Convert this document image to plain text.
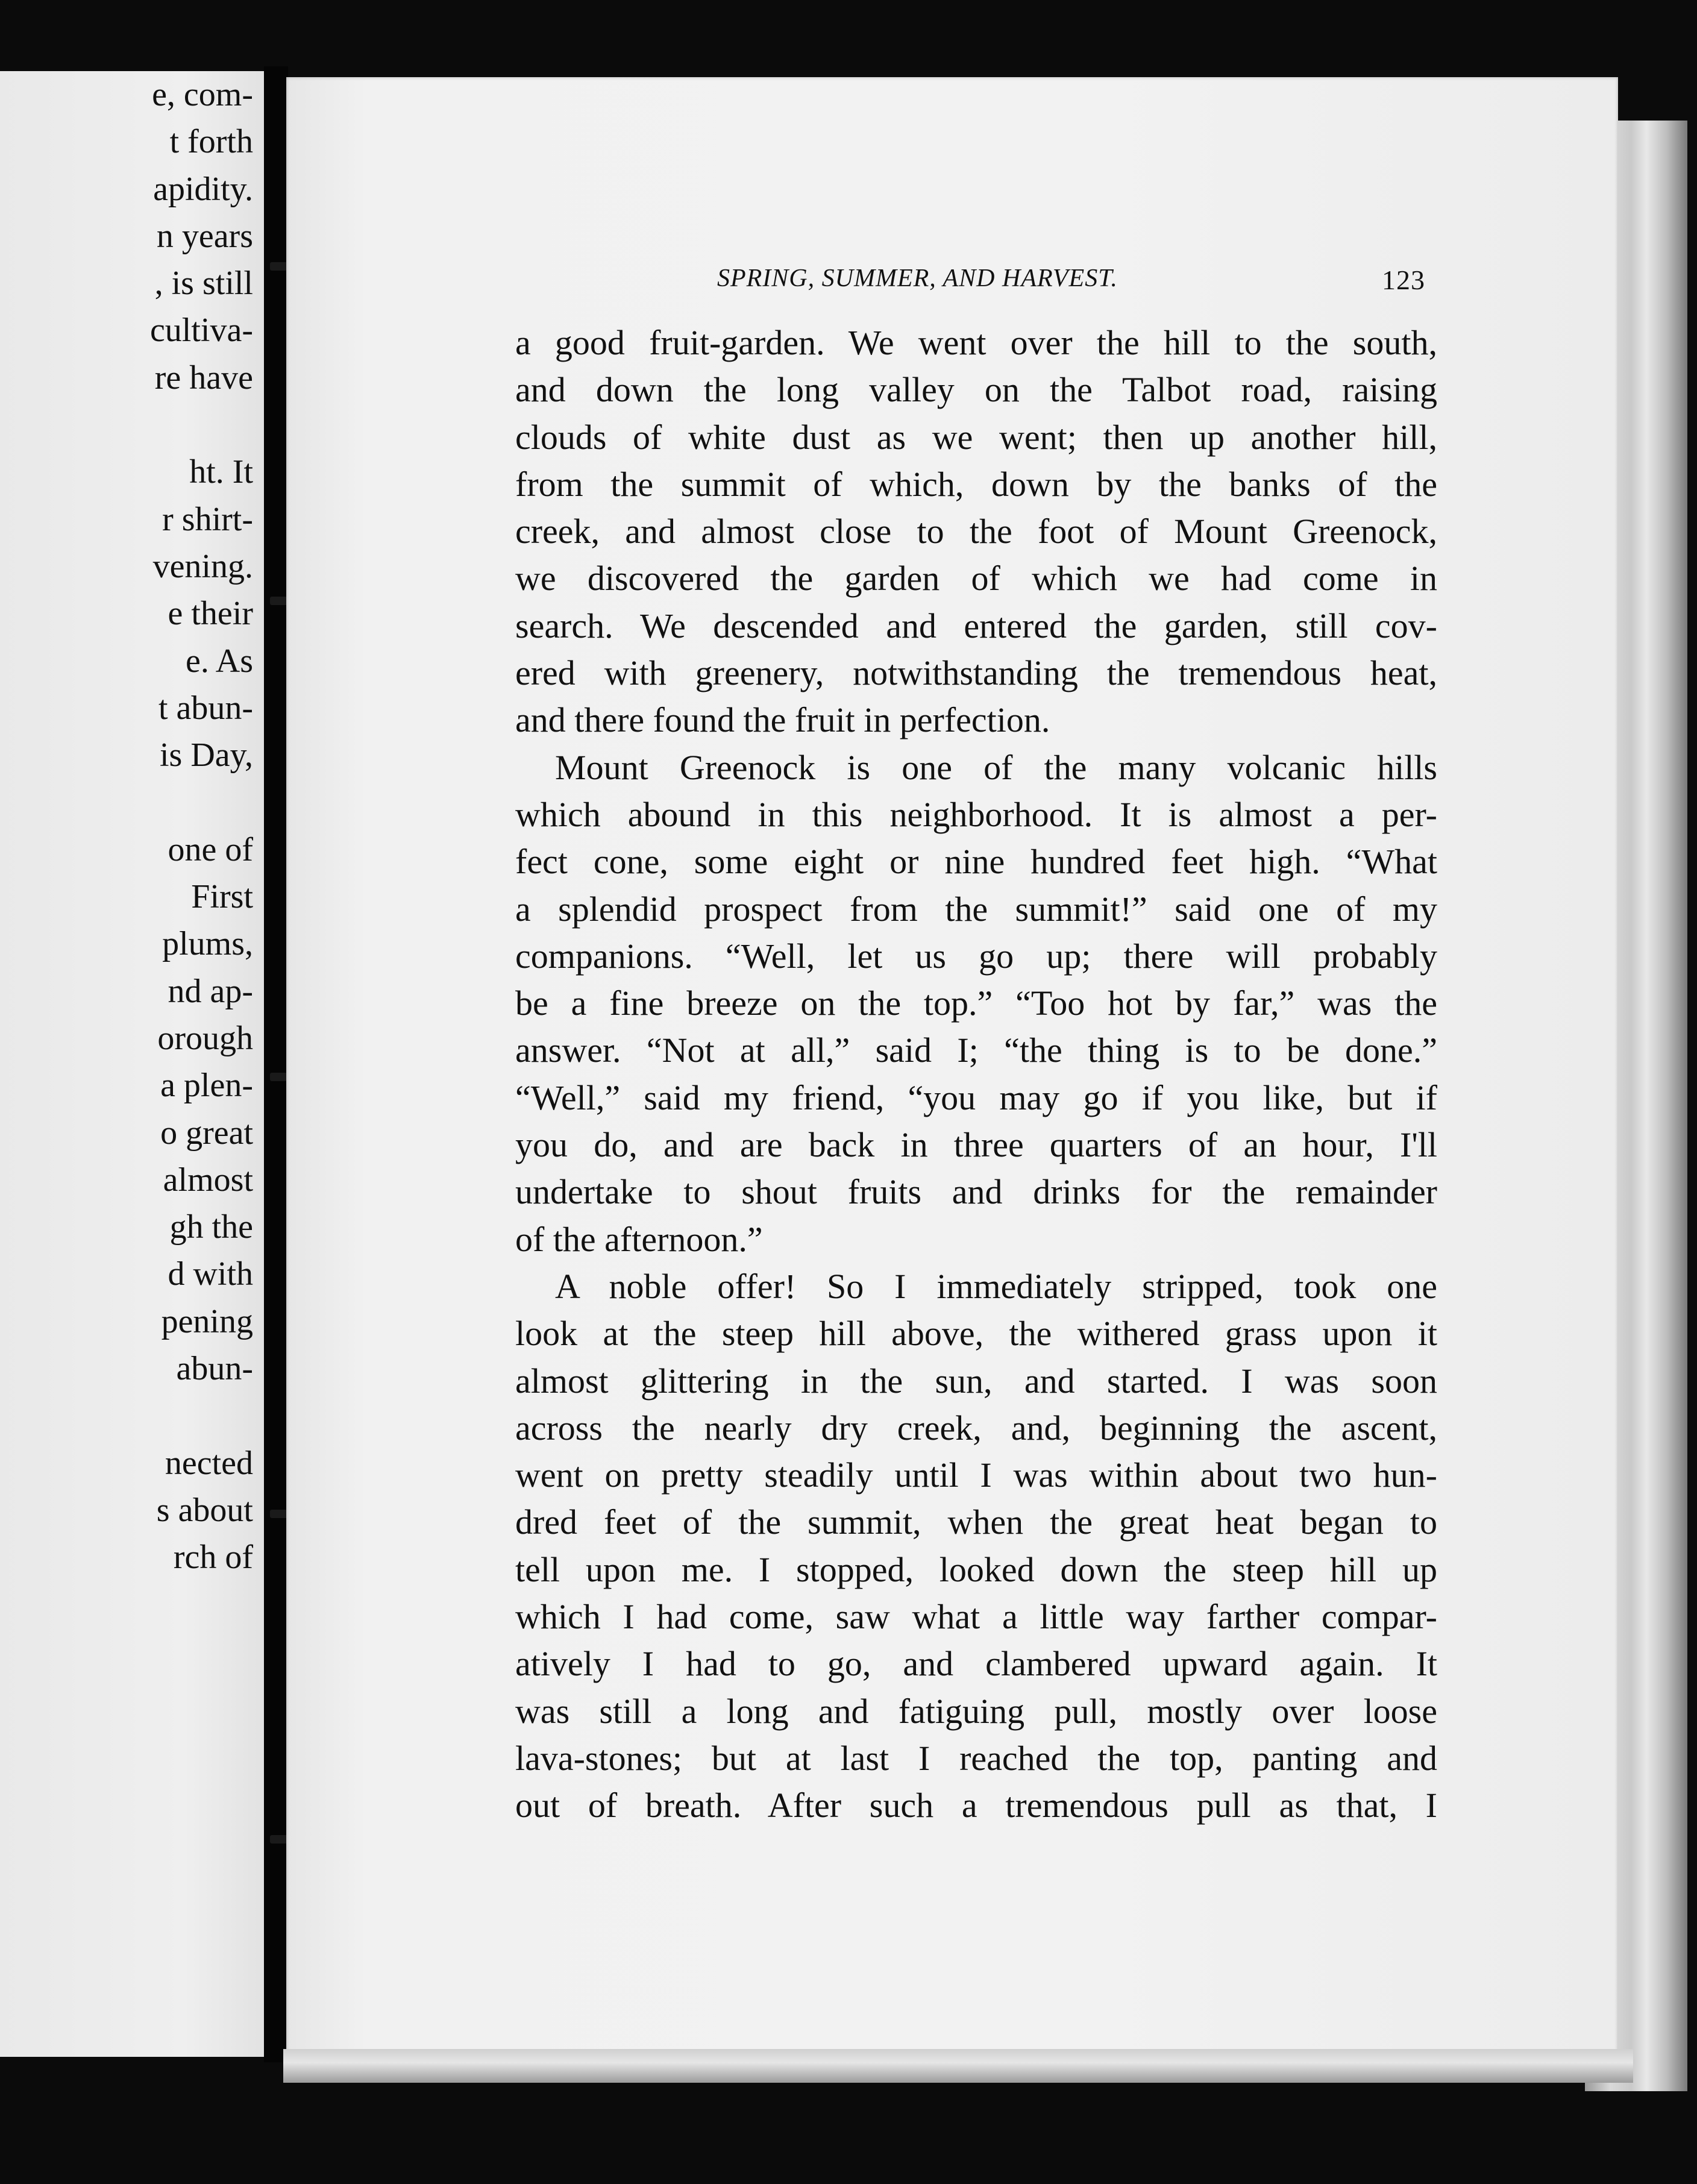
e, com-
t forth
apidity.
n years
, is still
cultiva-
re have
ht. It
r shirt-
vening.
e their
e. As
t abun-
is Day,
one of
First
plums,
nd ap-
orough
a plen-
o great
almost
gh the
d with
pening
abun-
nected
s about
rch of
SPRING, SUMMER, AND HARVEST.	123
a good fruit-garden. We went over the hill to the south,
and down the long valley on the Talbot road, raising
clouds of white dust as we went; then up another hill,
from the summit of which, down by the banks of the
creek, and almost close to the foot of Mount Greenock,
we discovered the garden of which we had come in
search. We descended and entered the garden, still cov-
ered with greenery, notwithstanding the tremendous heat,
and there found the fruit in perfection.
Mount Greenock is one of the many volcanic hills
which abound in this neighborhood. It is almost a per-
fect cone, some eight or nine hundred feet high. “What
a splendid prospect from the summit!” said one of my
companions. “Well, let us go up; there will probably
be a fine breeze on the top.” “Too hot by far,” was the
answer. “Not at all,” said I; “the thing is to be done.”
“Well,” said my friend, “you may go if you like, but if
you do, and are back in three quarters of an hour, I'll
undertake to shout fruits and drinks for the remainder
of the afternoon.”
A noble offer! So I immediately stripped, took one
look at the steep hill above, the withered grass upon it
almost glittering in the sun, and started. I was soon
across the nearly dry creek, and, beginning the ascent,
went on pretty steadily until I was within about two hun-
dred feet of the summit, when the great heat began to
tell upon me. I stopped, looked down the steep hill up
which I had come, saw what a little way farther compar-
atively I had to go, and clambered upward again. It
was still a long and fatiguing pull, mostly over loose
lava-stones; but at last I reached the top, panting and
out of breath. After such a tremendous pull as that, I
